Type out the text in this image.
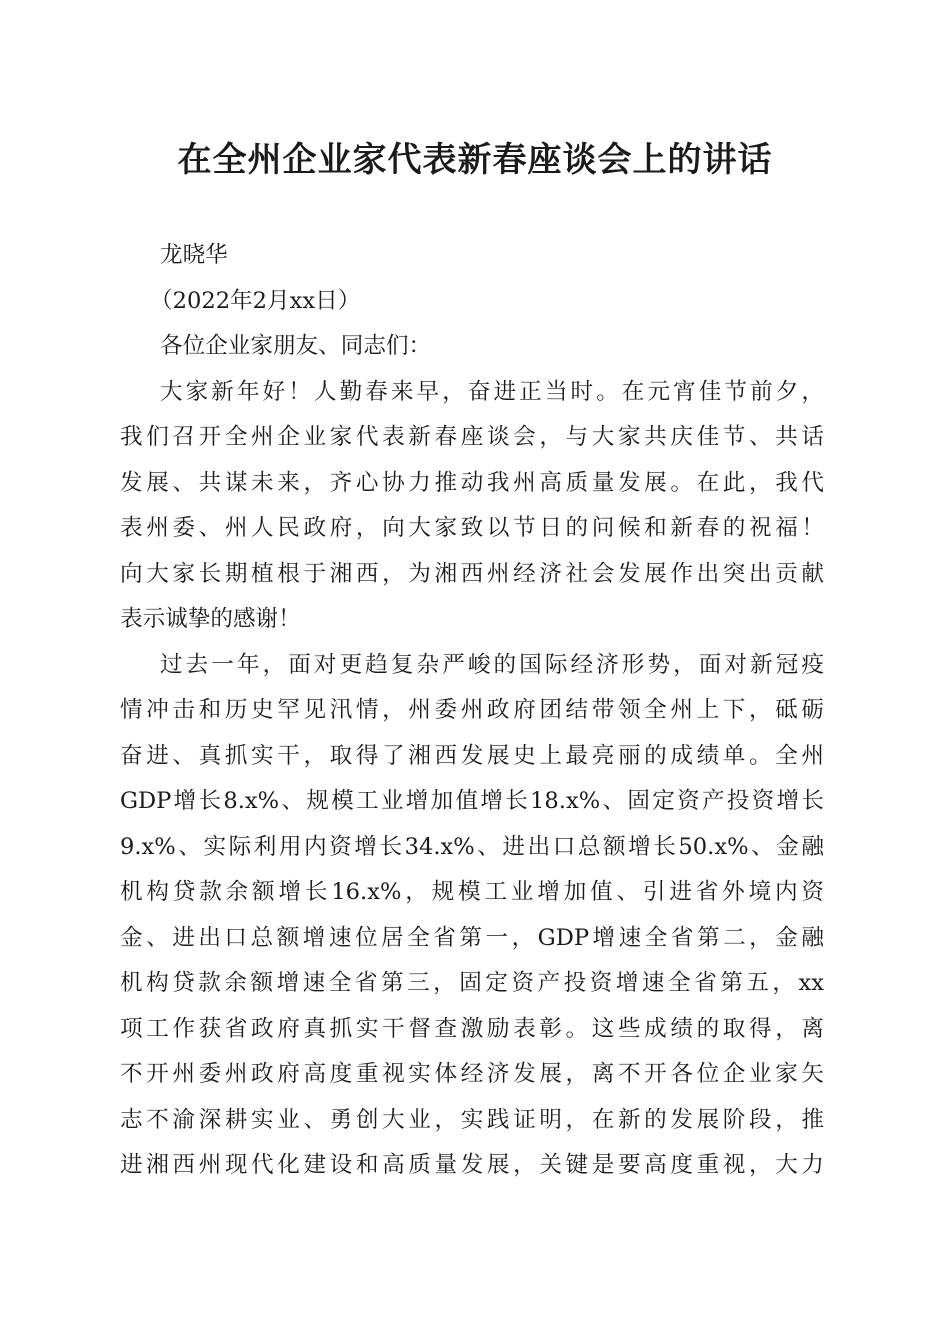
在全州企业家代表新春座谈会上的讲话
龙晓华
（2022年2月xx日）
各位企业家朋友、同志们：
大家新年好！人勤春来早，奋进正当时。在元宵佳节前夕，
我们召开全州企业家代表新春座谈会，与大家共庆佳节、共话
发展、共谋未来，齐心协力推动我州高质量发展。在此，我代
表州委、州人民政府，向大家致以节日的问候和新春的祝福！
向大家长期植根于湘西，为湘西州经济社会发展作出突出贡献
表示诚挚的感谢！
过去一年，面对更趋复杂严峻的国际经济形势，面对新冠疫
情冲击和历史罕见汛情，州委州政府团结带领全州上下，砥砺
奋进、真抓实干，取得了湘西发展史上最亮丽的成绩单。全州
GDP增长8.x%、规模工业增加值增长18.x%、固定资产投资增长
9.x%、实际利用内资增长34.x%、进出口总额增长50.x%、金融
机构贷款余额增长16.x%，规模工业增加值、引进省外境内资
金、进出口总额增速位居全省第一，GDP增速全省第二，金融
机构贷款余额增速全省第三，固定资产投资增速全省第五，xx
项工作获省政府真抓实干督查激励表彰。这些成绩的取得，离
不开州委州政府高度重视实体经济发展，离不开各位企业家矢
志不渝深耕实业、勇创大业，实践证明，在新的发展阶段，推
进湘西州现代化建设和高质量发展，关键是要高度重视，大力
